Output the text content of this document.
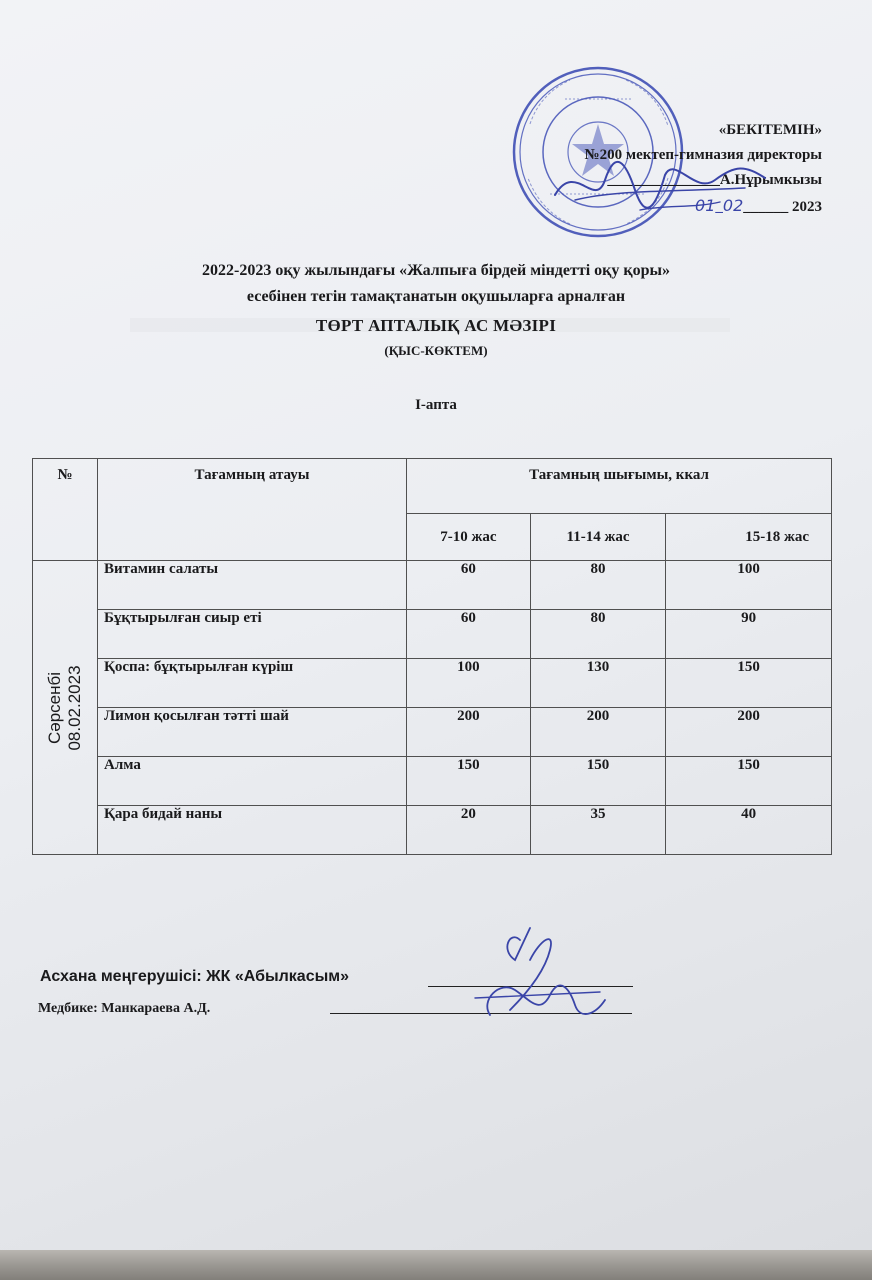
«БЕКІТЕМІН»
№200 мектеп-гимназия директоры
_______________А.Нұрымкызы
01_02______ 2023
2022-2023 оқу жылындағы «Жалпыға бірдей міндетті оқу қоры»
есебінен тегін тамақтанатын оқушыларға арналған
ТӨРТ АПТАЛЫҚ АС МӘЗІРІ
(ҚЫС-КӨКТЕМ)
І-апта
№	Тағамның атауы	Тағамның шығымы, ккал		
		7-10 жас	11-14 жас	15-18 жас

Сәрсенбі 08.02.2023	Витамин салаты	60	80	100
	Бұқтырылған сиыр еті	60	80	90
	Қоспа: бұқтырылған күріш	100	130	150
	Лимон қосылған тәтті шай	200	200	200
	Алма	150	150	150
	Қара бидай наны	20	35	40
Асхана меңгерушісі: ЖК «Абылкасым»
Медбике: Манкараева А.Д.
